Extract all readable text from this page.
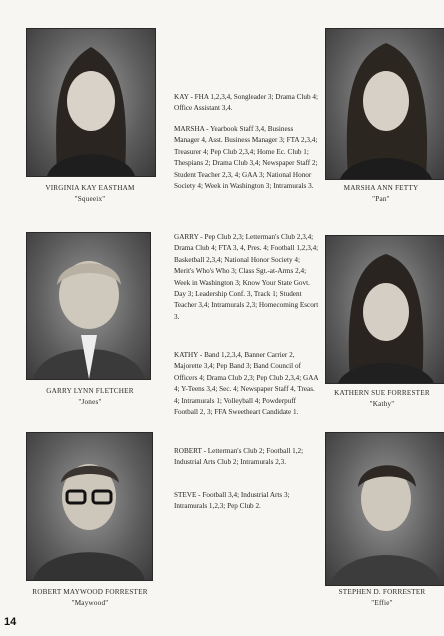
VIRGINIA KAY EASTHAM
"Squeeix"
MARSHA ANN FETTY
"Pan"
GARRY LYNN FLETCHER
"Jones"
KATHERN SUE FORRESTER
"Kathy"
ROBERT MAYWOOD FORRESTER
"Maywood"
STEPHEN D. FORRESTER
"Effie"
KAY - FHA 1,2,3,4, Songleader 3; Drama Club 4; Office Assistant 3,4.
MARSHA - Yearbook Staff 3,4, Business Manager 4, Asst. Business Manager 3; FTA 2,3,4; Treasurer 4; Pep Club 2,3,4; Home Ec. Club 1; Thespians 2; Drama Club 3,4; Newspaper Staff 2; Student Teacher 2,3, 4; GAA 3; National Honor Society 4; Week in Washington 3; Intramurals 3.
GARRY - Pep Club 2,3; Letterman's Club 2,3,4; Drama Club 4; FTA 3, 4, Pres. 4; Football 1,2,3,4; Basketball 2,3,4; National Honor Society 4; Merit's Who's Who 3; Class Sgt.-at-Arms 2,4; Week in Washington 3; Know Your State Govt. Day 3; Leadership Conf. 3, Track 1; Student Teacher 3,4; Intramurals 2,3; Homecoming Escort 3.
KATHY - Band 1,2,3,4, Banner Carrier 2, Majorette 3,4; Pep Band 3; Band Council of Officers 4; Drama Club 2,3; Pep Club 2,3,4; GAA 4; Y-Teens 3,4; Sec. 4; Newspaper Staff 4, Treas. 4; Intramurals 1; Volleyball 4; Powderpuff Football 2, 3; FFA Sweetheart Candidate 1.
ROBERT - Letterman's Club 2; Football 1,2; Industrial Arts Club 2; Intramurals 2,3.
STEVE - Football 3,4; Industrial Arts 3; Intramurals 1,2,3; Pep Club 2.
14
